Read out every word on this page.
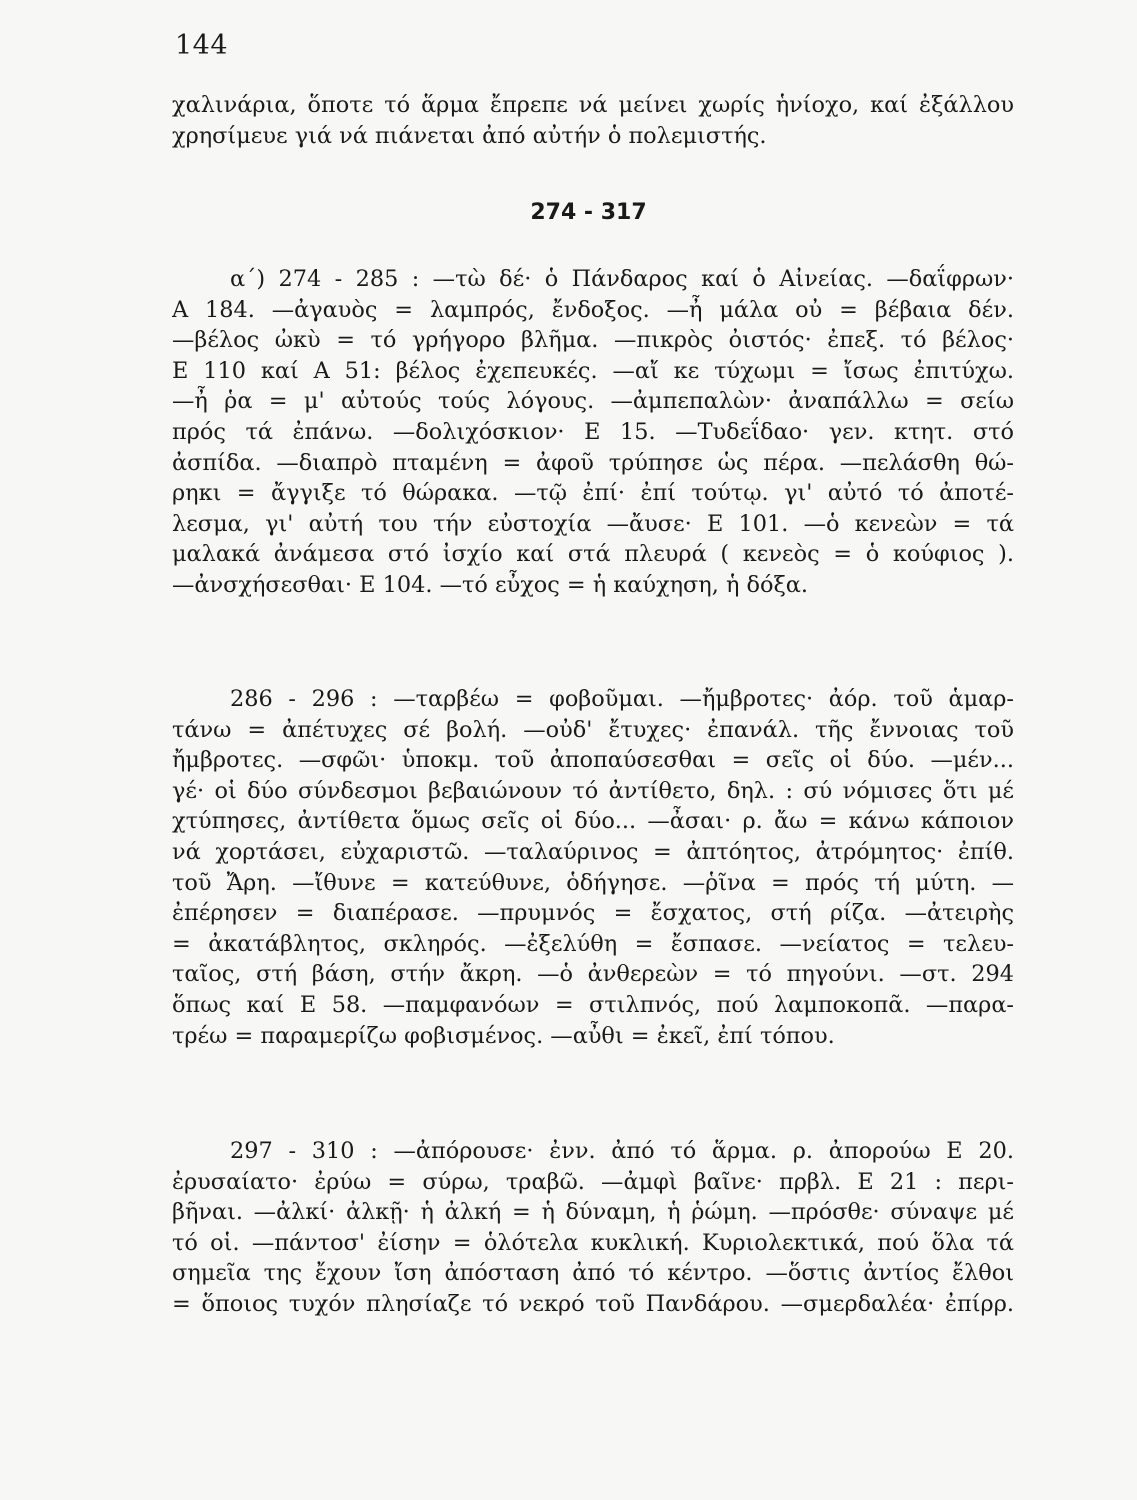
144
χαλινάρια, ὅποτε τό ἅρμα ἔπρεπε νά μείνει χωρίς ἡνίοχο, καί ἐξάλλου
χρησίμευε γιά νά πιάνεται ἀπό αὐτήν ὁ πολεμιστής.
274 - 317
α΄) 274 - 285 : —τὼ δέ· ὁ Πάνδαρος καί ὁ Αἰνείας. —δαΐφρων·
Α 184. —ἀγαυὸς = λαμπρός, ἔνδοξος. —ἦ μάλα οὐ = βέβαια δέν.
—βέλος ὠκὺ = τό γρήγορο βλῆμα. —πικρὸς ὀιστός· ἐπεξ. τό βέλος·
Ε 110 καί Α 51: βέλος ἐχεπευκές. —αἴ κε τύχωμι = ἴσως ἐπιτύχω.
—ἦ ῥα = μ' αὐτούς τούς λόγους. —ἀμπεπαλὼν· ἀναπάλλω = σείω
πρός τά ἐπάνω. —δολιχόσκιον· Ε 15. —Τυδεΐδαο· γεν. κτητ. στό
ἀσπίδα. —διαπρὸ πταμένη = ἀφοῦ τρύπησε ὡς πέρα. —πελάσθη θώ-
ρηκι = ἄγγιξε τό θώρακα. —τῷ ἐπί· ἐπί τούτῳ. γι' αὐτό τό ἀποτέ-
λεσμα, γι' αὐτή του τήν εὐστοχία —ἄυσε· Ε 101. —ὁ κενεὼν = τά
μαλακά ἀνάμεσα στό ἰσχίο καί στά πλευρά ( κενεὸς = ὁ κούφιος ).
—ἀνσχήσεσθαι· Ε 104. —τό εὖχος = ἡ καύχηση, ἡ δόξα.
286 - 296 : —ταρβέω = φοβοῦμαι. —ἤμβροτες· ἀόρ. τοῦ ἁμαρ-
τάνω = ἀπέτυχες σέ βολή. —οὐδ' ἔτυχες· ἐπανάλ. τῆς ἔννοιας τοῦ
ἤμβροτες. —σφῶι· ὑποκμ. τοῦ ἀποπαύσεσθαι = σεῖς οἱ δύο. —μέν...
γέ· οἱ δύο σύνδεσμοι βεβαιώνουν τό ἀντίθετο, δηλ. : σύ νόμισες ὅτι μέ
χτύπησες, ἀντίθετα ὅμως σεῖς οἱ δύο... —ἆσαι· ρ. ἄω = κάνω κάποιον
νά χορτάσει, εὐχαριστῶ. —ταλαύρινος = ἀπτόητος, ἀτρόμητος· ἐπίθ.
τοῦ Ἄρη. —ἴθυνε = κατεύθυνε, ὁδήγησε. —ῥῖνα = πρός τή μύτη. —
ἐπέρησεν = διαπέρασε. —πρυμνός = ἔσχατος, στή ρίζα. —ἀτειρὴς
= ἀκατάβλητος, σκληρός. —ἐξελύθη = ἔσπασε. —νείατος = τελευ-
ταῖος, στή βάση, στήν ἄκρη. —ὁ ἀνθερεὼν = τό πηγούνι. —στ. 294
ὅπως καί Ε 58. —παμφανόων = στιλπνός, πού λαμποκοπᾶ. —παρα-
τρέω = παραμερίζω φοβισμένος. —αὖθι = ἐκεῖ, ἐπί τόπου.
297 - 310 : —ἀπόρουσε· ἐνν. ἀπό τό ἅρμα. ρ. ἀπορούω Ε 20.
ἐρυσαίατο· ἐρύω = σύρω, τραβῶ. —ἀμφὶ βαῖνε· πρβλ. Ε 21 : περι-
βῆναι. —ἀλκί· ἀλκῇ· ἡ ἀλκή = ἡ δύναμη, ἡ ῥώμη. —πρόσθε· σύναψε μέ
τό οἱ. —πάντοσ' ἐίσην = ὁλότελα κυκλική. Κυριολεκτικά, πού ὅλα τά
σημεῖα της ἔχουν ἴση ἀπόσταση ἀπό τό κέντρο. —ὅστις ἀντίος ἔλθοι
= ὅποιος τυχόν πλησίαζε τό νεκρό τοῦ Πανδάρου. —σμερδαλέα· ἐπίρρ.
